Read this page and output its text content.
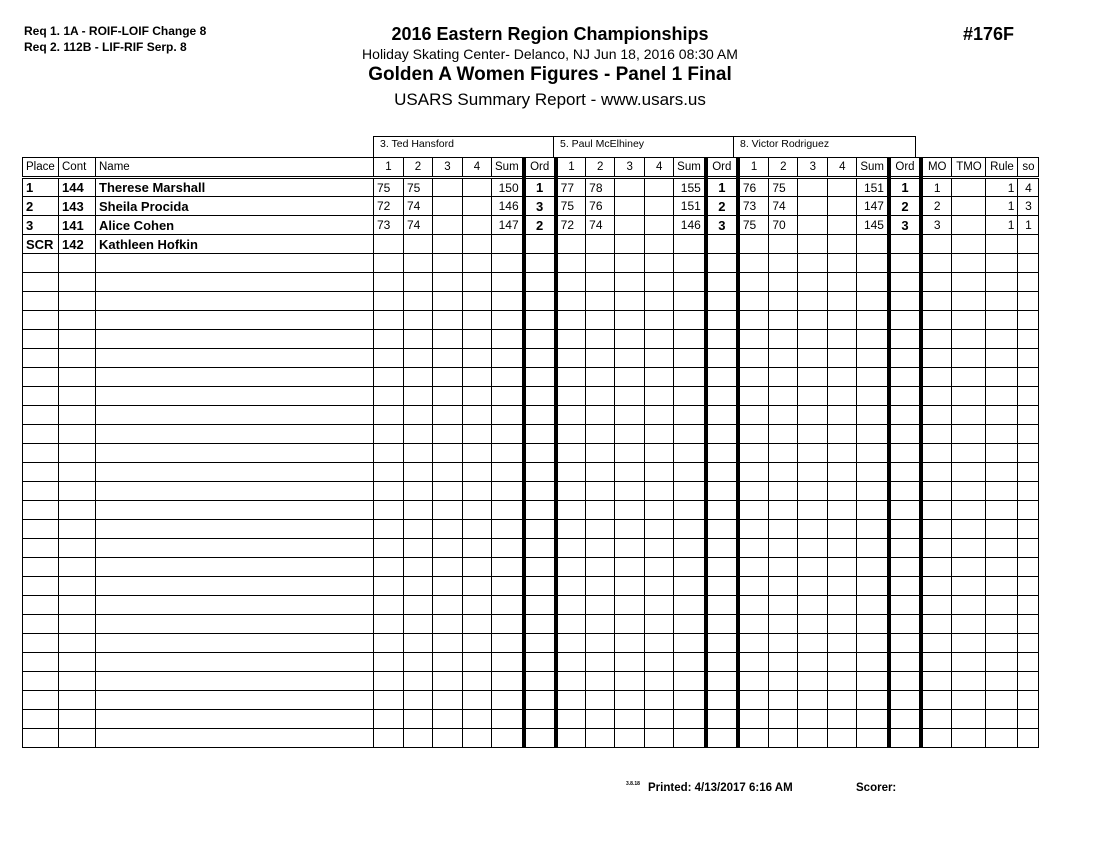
Req 1. 1A - ROIF-LOIF Change 8
Req 2. 112B - LIF-RIF Serp. 8
2016 Eastern Region Championships
Holiday Skating Center- Delanco, NJ Jun 18, 2016 08:30 AM
Golden A Women Figures - Panel 1 Final
USARS Summary Report - www.usars.us
#176F
3. Ted Hansford	5. Paul McElhiney	8. Victor Rodriguez
Place	Cont	Name	1	2	3	4	Sum	Ord	1	2	3	4	Sum	Ord	1	2	3	4	Sum	Ord	MO	TMO	Rule	so
1	144	Therese Marshall	75	75			150	1	77	78			155	1	76	75			151	1	1		1	4
2	143	Sheila Procida	72	74			146	3	75	76			151	2	73	74			147	2	2		1	3
3	141	Alice Cohen	73	74			147	2	72	74			146	3	75	70			145	3	3		1	1
SCR	142	Kathleen Hofkin																						

3.8.18 Printed: 4/13/2017 6:16 AM	Scorer:
